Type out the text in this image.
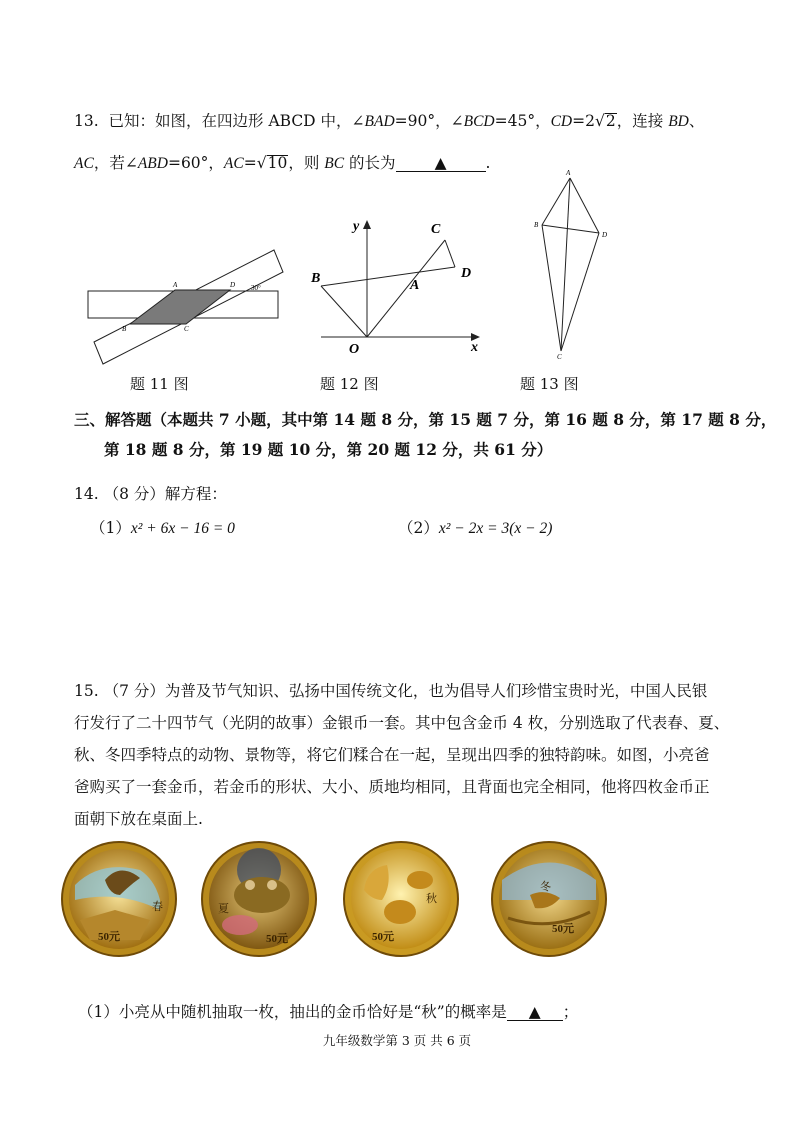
13. 已知：如图，在四边形 ABCD 中，∠BAD=90°，∠BCD=45°，CD=2√2，连接 BD、
AC，若∠ABD=60°，AC=√10，则 BC 的长为	▲	.
A
B	C
D 30°
题 11 图
y
x
O
A
B
C
D
题 12 图
A
B
C
D
题 13 图
三、解答题（本题共 7 小题，其中第 14 题 8 分，第 15 题 7 分，第 16 题 8 分，第 17 题 8 分，
第 18 题 8 分，第 19 题 10 分，第 20 题 12 分，共 61 分）
14. （8 分）解方程：
（1）x² + 6x − 16 = 0	（2）x² − 2x = 3(x − 2)
15. （7 分）为普及节气知识、弘扬中国传统文化，也为倡导人们珍惜宝贵时光，中国人民银
行发行了二十四节气（光阴的故事）金银币一套。其中包含金币 4 枚，分别选取了代表春、夏、
秋、冬四季特点的动物、景物等，将它们糅合在一起，呈现出四季的独特韵味。如图，小亮爸
爸购买了一套金币，若金币的形状、大小、质地均相同，且背面也完全相同，他将四枚金币正
面朝下放在桌面上.
春
50元
夏
50元
秋
50元
冬
50元
（1）小亮从中随机抽取一枚，抽出的金币恰好是“秋”的概率是 ▲ ；
九年级数学第 3 页 共 6 页
